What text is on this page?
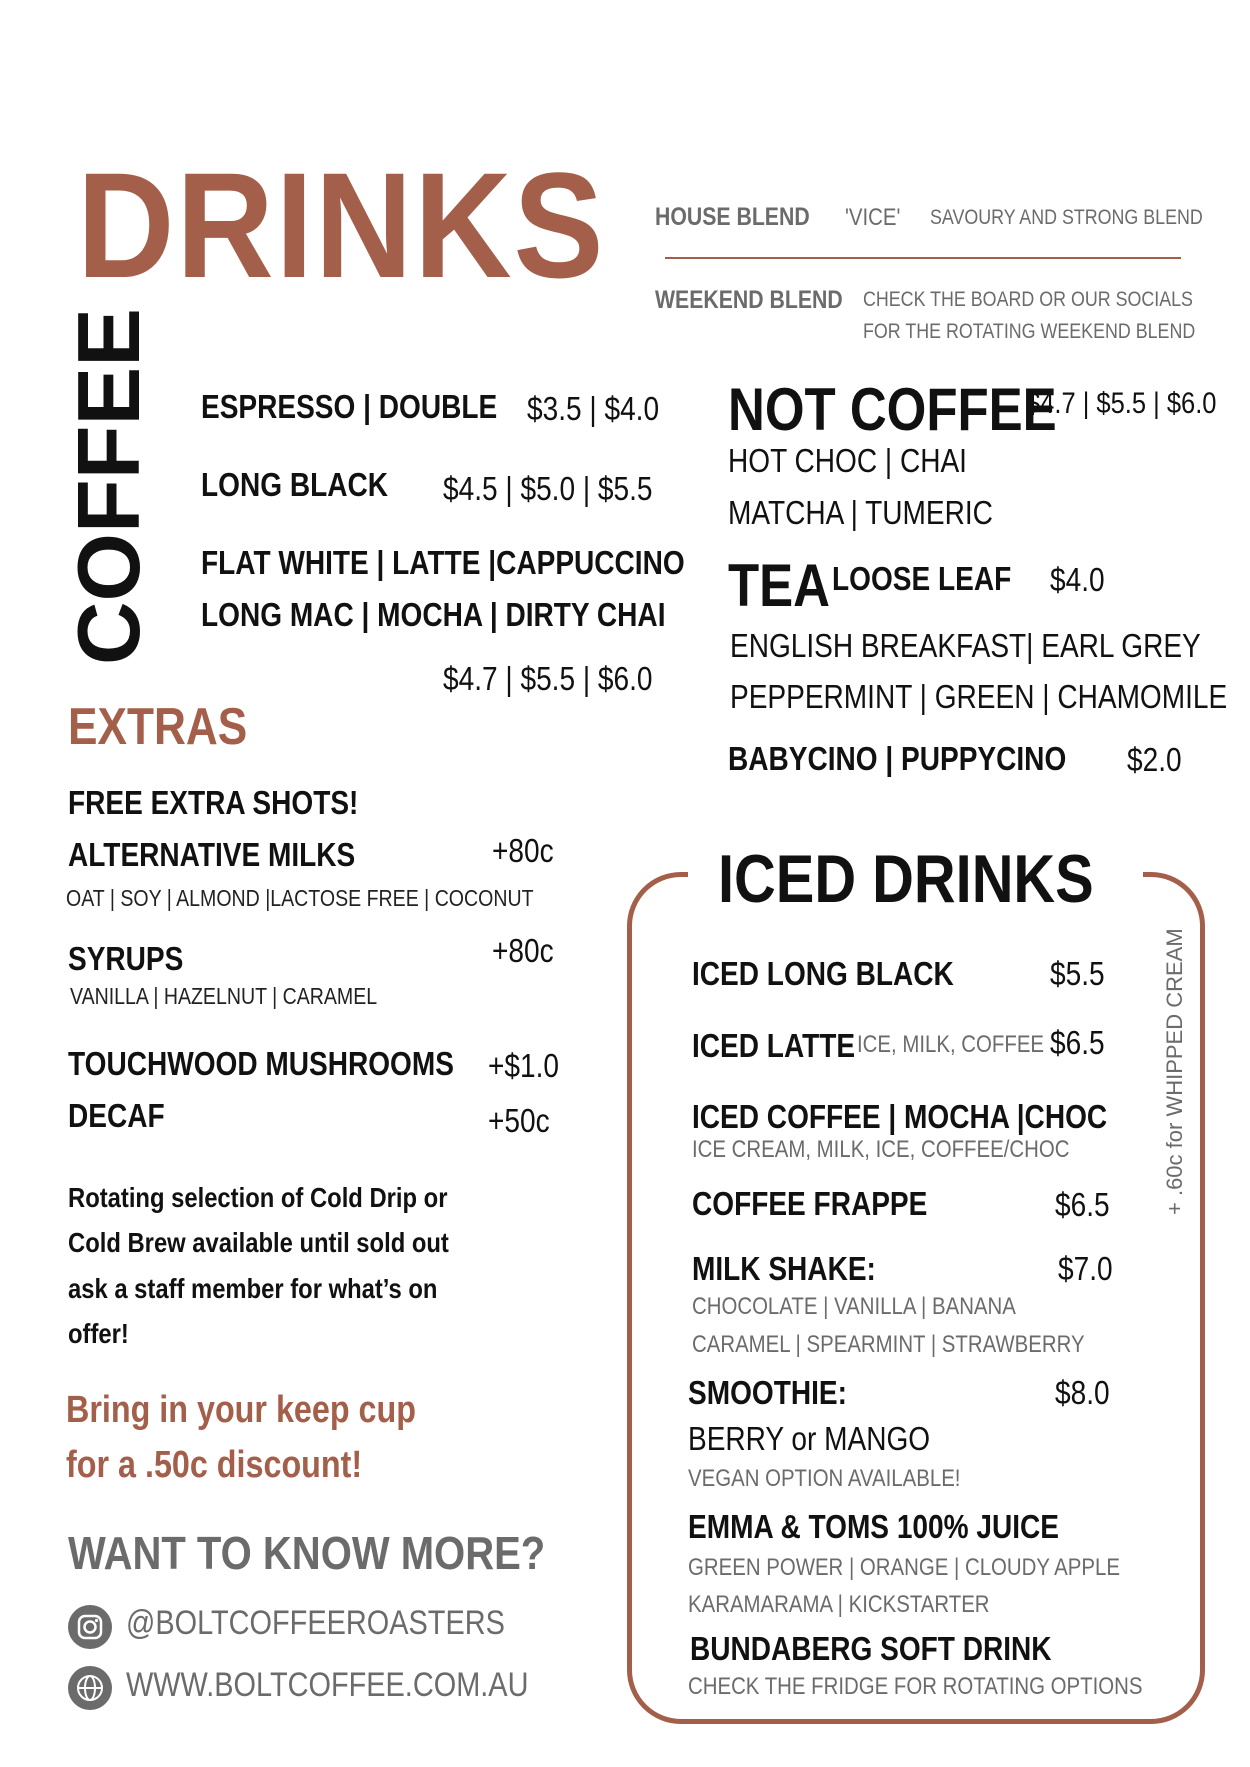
DRINKS HOUSE BLEND 'VICE' SAVOURY AND STRONG BLEND
WEEKEND BLEND CHECK THE BOARD OR OUR SOCIALS
FOR THE ROTATING WEEKEND BLEND
COFFEE ESPRESSO | DOUBLE $3.5 | $4.0
LONG BLACK $4.5 | $5.0 | $5.5
FLAT WHITE | LATTE |CAPPUCCINO
LONG MAC | MOCHA | DIRTY CHAI
$4.7 | $5.5 | $6.0
EXTRAS
FREE EXTRA SHOTS!
ALTERNATIVE MILKS	+80c
OAT | SOY | ALMOND |LACTOSE FREE | COCONUT
SYRUPS	+80c
VANILLA | HAZELNUT | CARAMEL
TOUCHWOOD MUSHROOMS +$1.0
DECAF	+50c
Rotating selection of Cold Drip or
Cold Brew available until sold out
ask a staff member for what’s on
offer!
Bring in your keep cup
for a .50c discount!
WANT TO KNOW MORE?
@BOLTCOFFEEROASTERS
WWW.BOLTCOFFEE.COM.AU
NOT COFFEE
$4.7 | $5.5 | $6.0
HOT CHOC | CHAI
MATCHA | TUMERIC
TEA LOOSE LEAF $4.0
ENGLISH BREAKFAST| EARL GREY
PEPPERMINT | GREEN | CHAMOMILE
BABYCINO | PUPPYCINO $2.0
ICED DRINKS
+ .60c for WHIPPED CREAM
ICED LONG BLACK	$5.5
ICED LATTE ICE, MILK, COFFEE $6.5
ICED COFFEE | MOCHA |CHOC
ICE CREAM, MILK, ICE, COFFEE/CHOC
COFFEE FRAPPE	$6.5
MILK SHAKE:	$7.0
CHOCOLATE | VANILLA | BANANA
CARAMEL | SPEARMINT | STRAWBERRY
SMOOTHIE:	$8.0
BERRY or MANGO
VEGAN OPTION AVAILABLE!
EMMA & TOMS 100% JUICE
GREEN POWER | ORANGE | CLOUDY APPLE
KARAMARAMA | KICKSTARTER
BUNDABERG SOFT DRINK
CHECK THE FRIDGE FOR ROTATING OPTIONS
